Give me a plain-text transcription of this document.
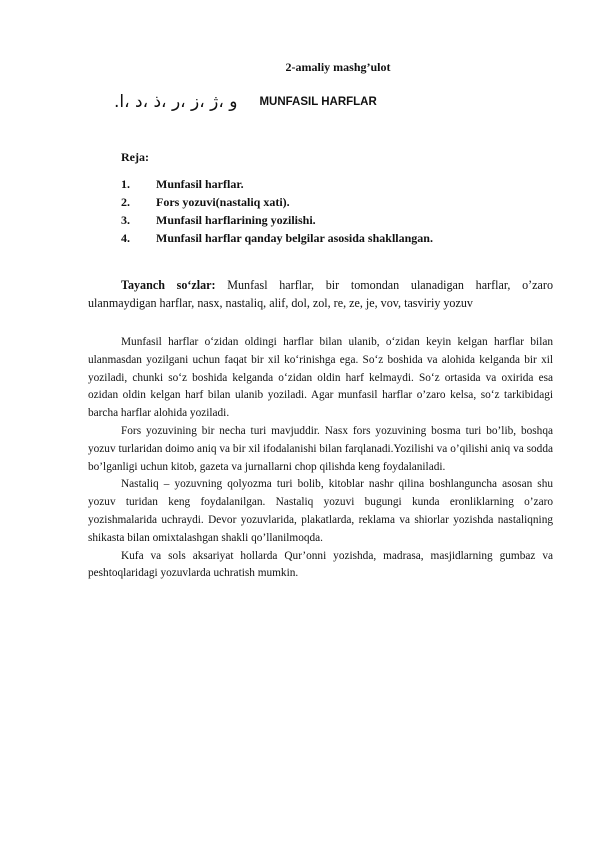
2-amaliy mashg’ulot
و ،ژ ،ز ،ر ،ذ ،د ،ا. MUNFASIL HARFLAR
Reja:
1.	Munfasil harflar.
2.	Fors yozuvi(nastaliq xati).
3.	Munfasil harflarining yozilishi.
4.	Munfasil harflar qanday belgilar asosida shakllangan.

Tayanch so‘zlar: Munfasl harflar, bir tomondan ulanadigan harflar, o’zaro ulanmaydigan harflar, nasx, nastaliq, alif, dol, zol, re, ze, je, vov, tasviriy yozuv

Munfasil harflar o‘zidan oldingi harflar bilan ulanib, o‘zidan keyin kelgan harflar bilan ulanmasdan yozilgani uchun faqat bir xil ko‘rinishga ega. So‘z boshida va alohida kelganda bir xil yoziladi, chunki so‘z boshida kelganda o‘zidan oldin harf kelmaydi. So‘z ortasida va oxirida esa ozidan oldin kelgan harf bilan ulanib yoziladi. Agar munfasil harflar o’zaro kelsa, so‘z tarkibidagi barcha harflar alohida yoziladi.

Fors yozuvining bir necha turi mavjuddir. Nasx fors yozuvining bosma turi bo’lib, boshqa yozuv turlaridan doimo aniq va bir xil ifodalanishi bilan farqlanadi.Yozilishi va o’qilishi aniq va sodda bo’lganligi uchun kitob, gazeta va jurnallarni chop qilishda keng foydalaniladi.

Nastaliq – yozuvning qolyozma turi bolib, kitoblar nashr qilina boshlanguncha asosan shu yozuv turidan keng foydalanilgan. Nastaliq yozuvi bugungi kunda eronliklarning o’zaro yozishmalarida uchraydi. Devor yozuvlarida, plakatlarda, reklama va shiorlar yozishda nastaliqning shikasta bilan omixtalashgan shakli qo’llanilmoqda.

Kufa va sols aksariyat hollarda Qur’onni yozishda, madrasa, masjidlarning gumbaz va peshtoqlaridagi yozuvlarda uchratish mumkin.
